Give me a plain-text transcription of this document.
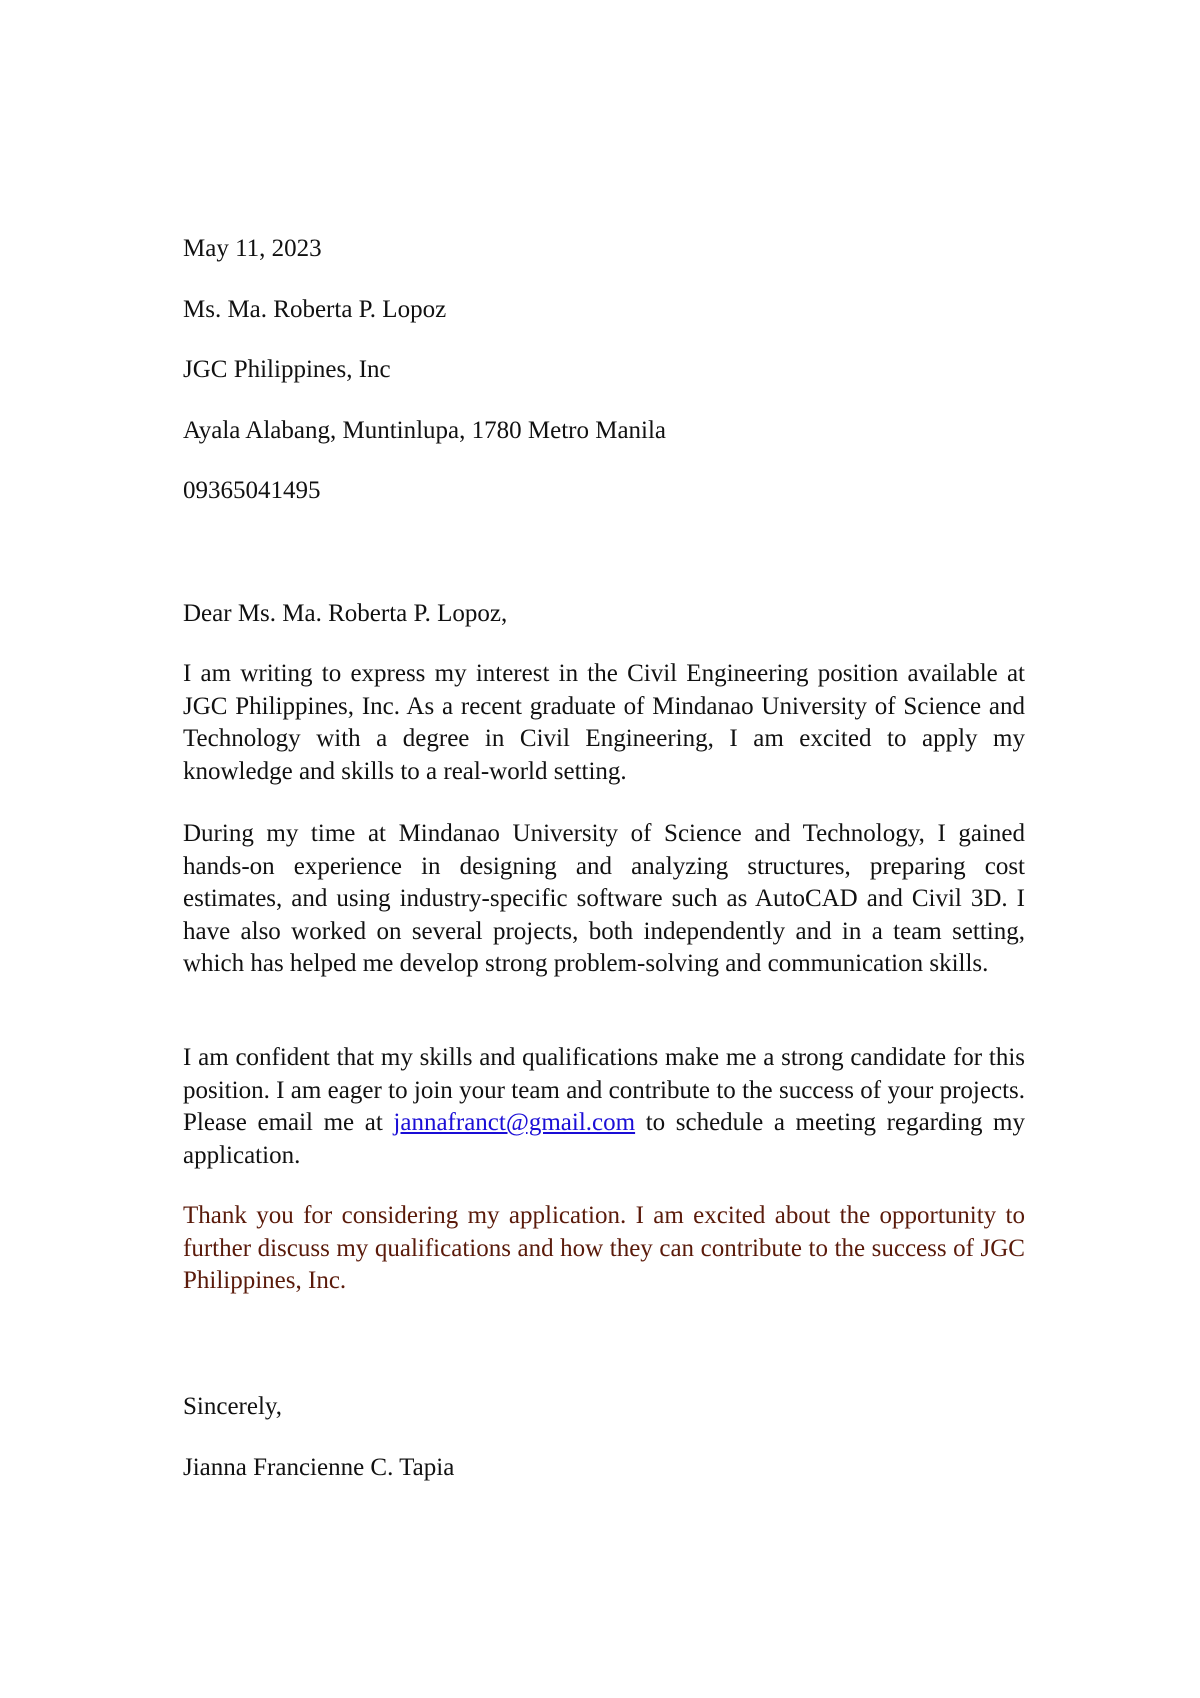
May 11, 2023
Ms. Ma. Roberta P. Lopoz
JGC Philippines, Inc
Ayala Alabang, Muntinlupa, 1780 Metro Manila
09365041495
Dear Ms. Ma. Roberta P. Lopoz,
I am writing to express my interest in the Civil Engineering position available at JGC Philippines, Inc. As a recent graduate of Mindanao University of Science and Technology with a degree in Civil Engineering, I am excited to apply my knowledge and skills to a real-world setting.
During my time at Mindanao University of Science and Technology, I gained hands-on experience in designing and analyzing structures, preparing cost estimates, and using industry-specific software such as AutoCAD and Civil 3D. I have also worked on several projects, both independently and in a team setting, which has helped me develop strong problem-solving and communication skills.
I am confident that my skills and qualifications make me a strong candidate for this position. I am eager to join your team and contribute to the success of your projects. Please email me at jannafranct@gmail.com to schedule a meeting regarding my application.
Thank you for considering my application. I am excited about the opportunity to further discuss my qualifications and how they can contribute to the success of JGC Philippines, Inc.
Sincerely,
Jianna Francienne C. Tapia
